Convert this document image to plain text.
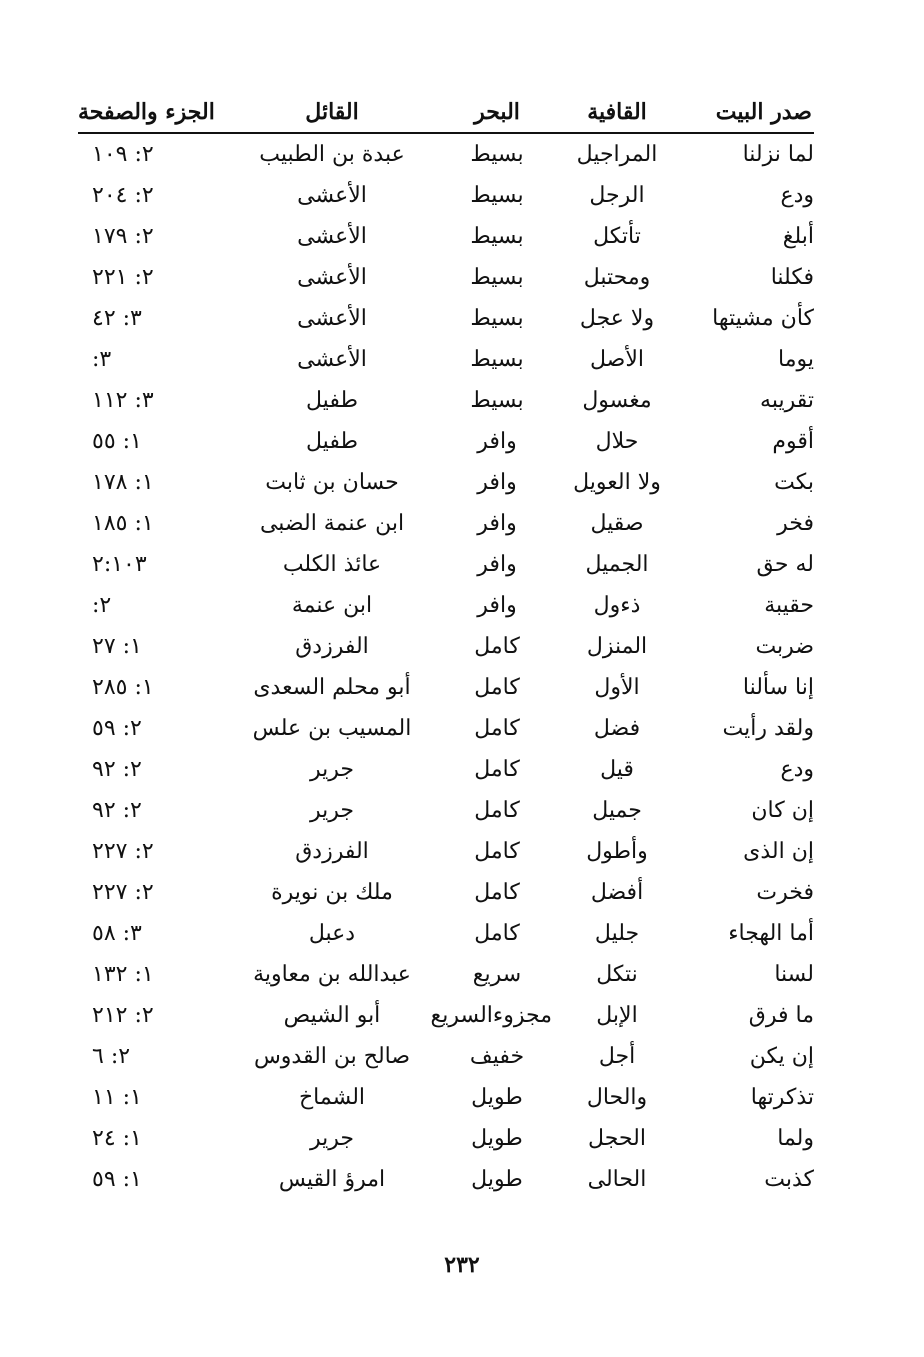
صدر البيت	القافية	البحر	القائل	الجزء والصفحة
لما نزلنا	المراجيل	بسيط	عبدة بن الطبيب	٢: ١٠٩
ودع	الرجل	بسيط	الأعشى	٢: ٢٠٤
أبلغ	تأتكل	بسيط	الأعشى	٢: ١٧٩
فكلنا	ومحتبل	بسيط	الأعشى	٢: ٢٢١
كأن مشيتها	ولا عجل	بسيط	الأعشى	٣: ٤٢
يوما	الأصل	بسيط	الأعشى	٣:
تقريبه	مغسول	بسيط	طفيل	٣: ١١٢
أقوم	حلال	وافر	طفيل	١: ٥٥
بكت	ولا العويل	وافر	حسان بن ثابت	١: ١٧٨
فخر	صقيل	وافر	ابن عنمة الضبى	١: ١٨٥
له حق	الجميل	وافر	عائذ الكلب	٢:١٠٣
حقيبة	ذءول	وافر	ابن عنمة	٢:
ضربت	المنزل	كامل	الفرزدق	١: ٢٧
إنا سألنا	الأول	كامل	أبو محلم السعدى	١: ٢٨٥
ولقد رأيت	فضل	كامل	المسيب بن علس	٢: ٥٩
ودع	قيل	كامل	جرير	٢: ٩٢
إن كان	جميل	كامل	جرير	٢: ٩٢
إن الذى	وأطول	كامل	الفرزدق	٢: ٢٢٧
فخرت	أفضل	كامل	ملك بن نويرة	٢: ٢٢٧
أما الهجاء	جليل	كامل	دعبل	٣: ٥٨
لسنا	نتكل	سريع	عبدالله بن معاوية	١: ١٣٢
ما فرق	الإبل	مجزوءالسريع	أبو الشيص	٢: ٢١٢
إن يكن	أجل	خفيف	صالح بن القدوس	٢: ٦
تذكرتها	والحال	طويل	الشماخ	١: ١١
ولما	الحجل	طويل	جرير	١: ٢٤
كذبت	الحالى	طويل	امرؤ القيس	١: ٥٩
٢٣٢
